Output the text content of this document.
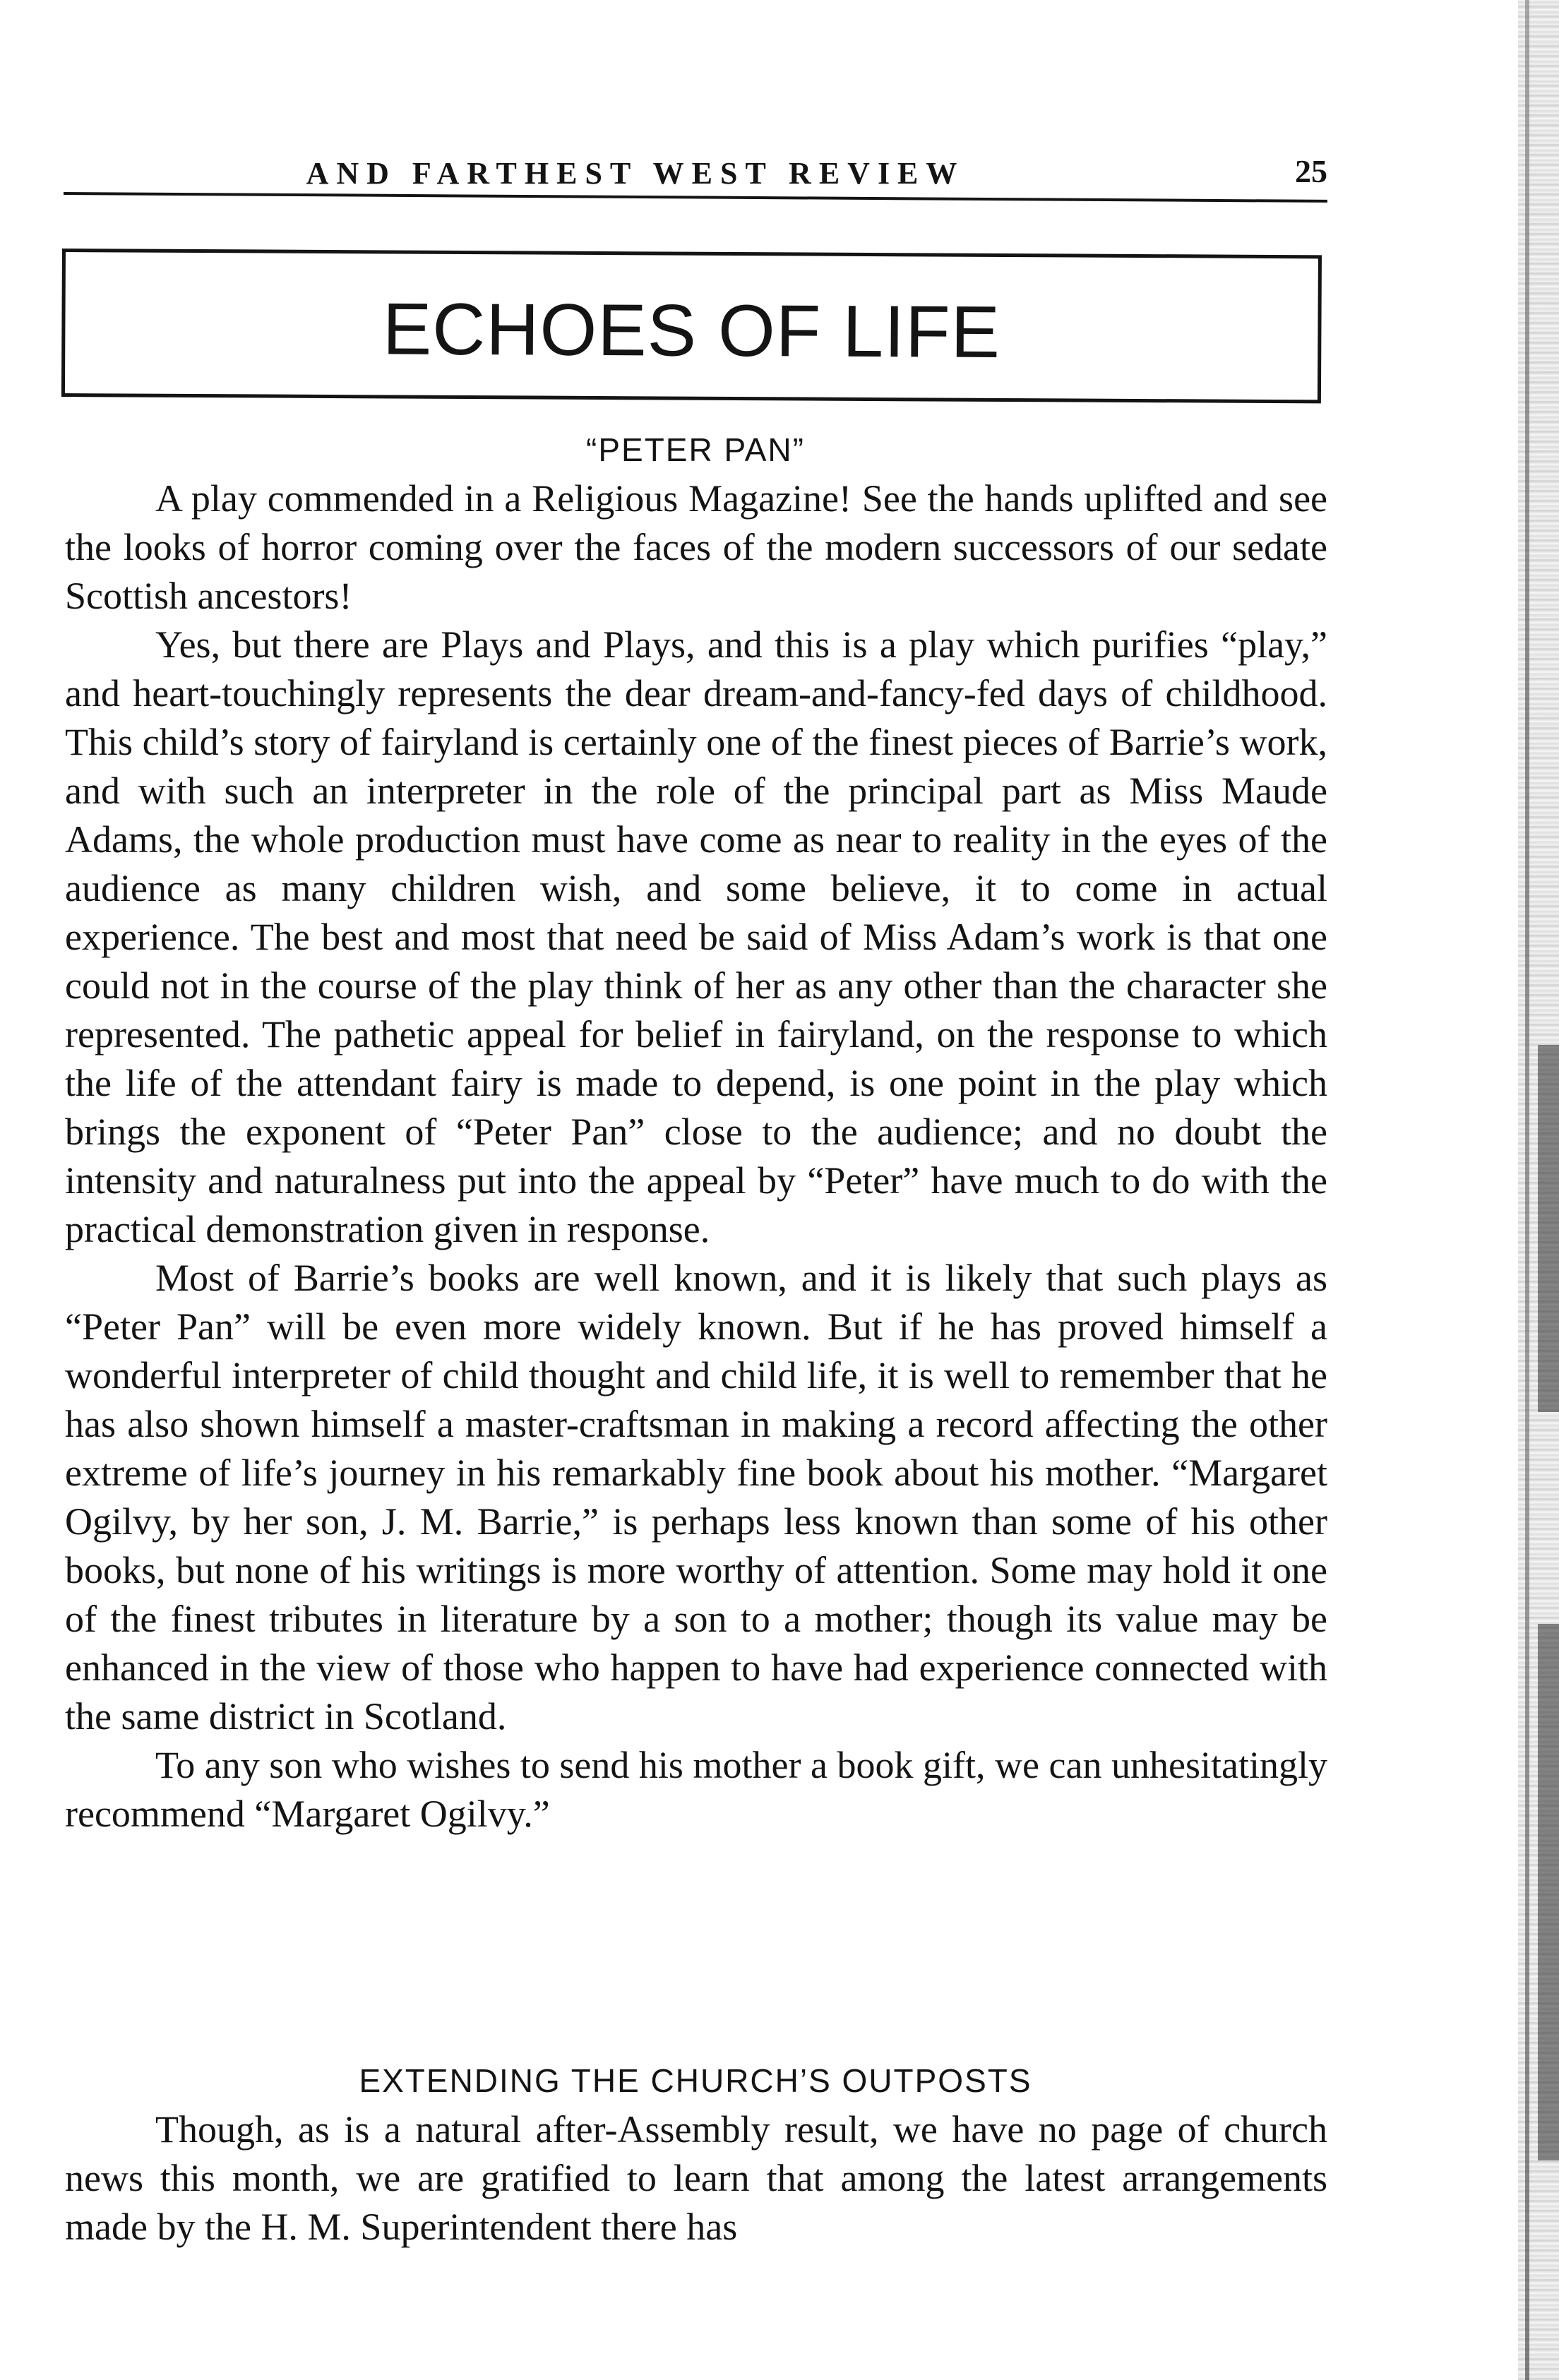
AND FARTHEST WEST REVIEW	25
ECHOES OF LIFE
“PETER PAN”

A play commended in a Religious Magazine! See the hands uplifted and see the looks of horror coming over the faces of the modern successors of our sedate Scottish ancestors!

Yes, but there are Plays and Plays, and this is a play which purifies “play,” and heart-touchingly represents the dear dream-and-fancy-fed days of childhood. This child’s story of fairyland is certainly one of the finest pieces of Barrie’s work, and with such an interpreter in the role of the principal part as Miss Maude Adams, the whole production must have come as near to reality in the eyes of the audience as many children wish, and some believe, it to come in actual experience. The best and most that need be said of Miss Adam’s work is that one could not in the course of the play think of her as any other than the character she represented. The pathetic appeal for belief in fairyland, on the response to which the life of the attendant fairy is made to depend, is one point in the play which brings the exponent of “Peter Pan” close to the audience; and no doubt the intensity and naturalness put into the appeal by “Peter” have much to do with the practical demonstration given in response.

Most of Barrie’s books are well known, and it is likely that such plays as “Peter Pan” will be even more widely known. But if he has proved himself a wonderful interpreter of child thought and child life, it is well to remember that he has also shown himself a master-craftsman in making a record affecting the other extreme of life’s journey in his remarkably fine book about his mother. “Margaret Ogilvy, by her son, J. M. Barrie,” is perhaps less known than some of his other books, but none of his writings is more worthy of attention. Some may hold it one of the finest tributes in literature by a son to a mother; though its value may be enhanced in the view of those who happen to have had experience connected with the same district in Scotland.

To any son who wishes to send his mother a book gift, we can unhesitatingly recommend “Margaret Ogilvy.”

EXTENDING THE CHURCH’S OUTPOSTS

Though, as is a natural after-Assembly result, we have no page of church news this month, we are gratified to learn that among the latest arrangements made by the H. M. Superintendent there has
